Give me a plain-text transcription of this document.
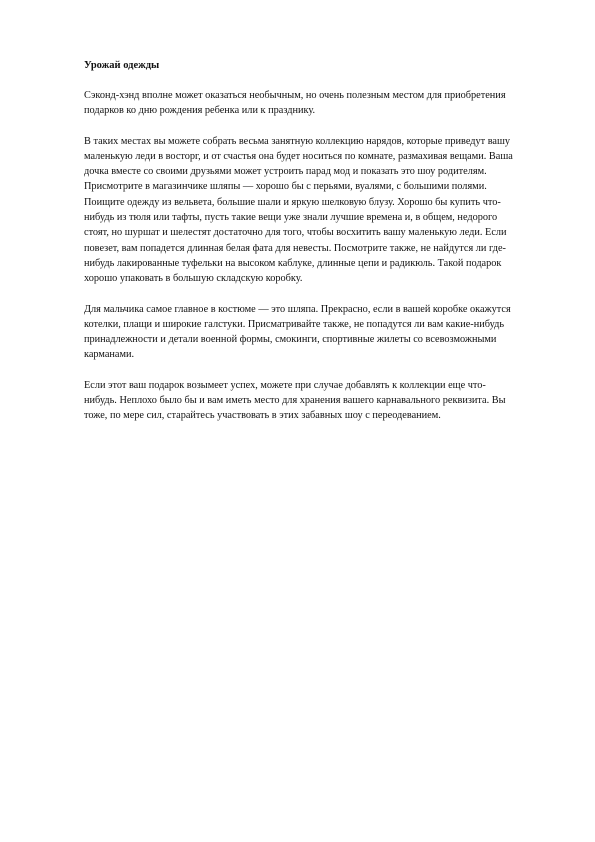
Урожай одежды

Сэконд-хэнд вполне может оказаться необычным, но очень полезным местом для приобретения подарков ко дню рождения ребенка или к празднику.

В таких местах вы можете собрать весьма занятную коллекцию нарядов, которые приведут вашу маленькую леди в восторг, и от счастья она будет носиться по комнате, размахивая вещами. Ваша дочка вместе со своими друзьями может устроить парад мод и показать это шоу родителям. Присмотрите в магазинчике шляпы — хорошо бы с перьями, вуалями, с большими полями. Поищите одежду из вельвета, большие шали и яркую шелковую блузу. Хорошо бы купить что-нибудь из тюля или тафты, пусть такие вещи уже знали лучшие времена и, в общем, недорого стоят, но шуршат и шелестят достаточно для того, чтобы восхитить вашу маленькую леди. Если повезет, вам попадется длинная белая фата для невесты. Посмотрите также, не найдутся ли где-нибудь лакированные туфельки на высоком каблуке, длинные цепи и радикюль. Такой подарок хорошо упаковать в большую складскую коробку.

Для мальчика самое главное в костюме — это шляпа. Прекрасно, если в вашей коробке окажутся котелки, плащи и широкие галстуки. Присматривайте также, не попадутся ли вам какие-нибудь принадлежности и детали военной формы, смокинги, спортивные жилеты со всевозможными карманами.

Если этот ваш подарок возымеет успех, можете при случае добавлять к коллекции еще что-нибудь. Неплохо было бы и вам иметь место для хранения вашего карнавального реквизита. Вы тоже, по мере сил, старайтесь участвовать в этих забавных шоу с переодеванием.
